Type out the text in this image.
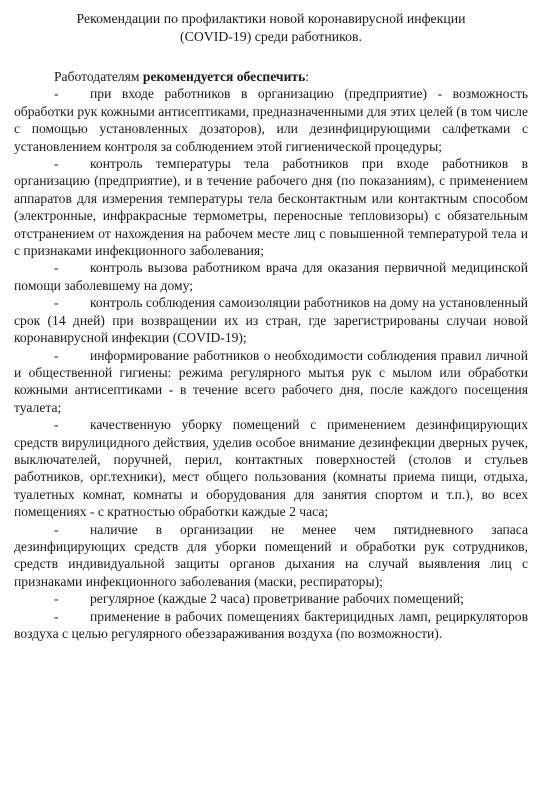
Рекомендации по профилактики новой коронавирусной инфекции
(COVID-19) среди работников.

Работодателям рекомендуется обеспечить:

- при входе работников в организацию (предприятие) - возможность обработки рук кожными антисептиками, предназначенными для этих целей (в том числе с помощью установленных дозаторов), или дезинфицирующими салфетками с установлением контроля за соблюдением этой гигиенической процедуры;

- контроль температуры тела работников при входе работников в организацию (предприятие), и в течение рабочего дня (по показаниям), с применением аппаратов для измерения температуры тела бесконтактным или контактным способом (электронные, инфракрасные термометры, переносные тепловизоры) с обязательным отстранением от нахождения на рабочем месте лиц с повышенной температурой тела и с признаками инфекционного заболевания;

- контроль вызова работником врача для оказания первичной медицинской помощи заболевшему на дому;

- контроль соблюдения самоизоляции работников на дому на установленный срок (14 дней) при возвращении их из стран, где зарегистрированы случаи новой коронавирусной инфекции (COVID-19);

- информирование работников о необходимости соблюдения правил личной и общественной гигиены: режима регулярного мытья рук с мылом или обработки кожными антисептиками - в течение всего рабочего дня, после каждого посещения туалета;

- качественную уборку помещений с применением дезинфицирующих средств вирулицидного действия, уделив особое внимание дезинфекции дверных ручек, выключателей, поручней, перил, контактных поверхностей (столов и стульев работников, орг.техники), мест общего пользования (комнаты приема пищи, отдыха, туалетных комнат, комнаты и оборудования для занятия спортом и т.п.), во всех помещениях - с кратностью обработки каждые 2 часа;

- наличие в организации не менее чем пятидневного запаса дезинфицирующих средств для уборки помещений и обработки рук сотрудников, средств индивидуальной защиты органов дыхания на случай выявления лиц с признаками инфекционного заболевания (маски, респираторы);

- регулярное (каждые 2 часа) проветривание рабочих помещений;

- применение в рабочих помещениях бактерицидных ламп, рециркуляторов воздуха с целью регулярного обеззараживания воздуха (по возможности).
